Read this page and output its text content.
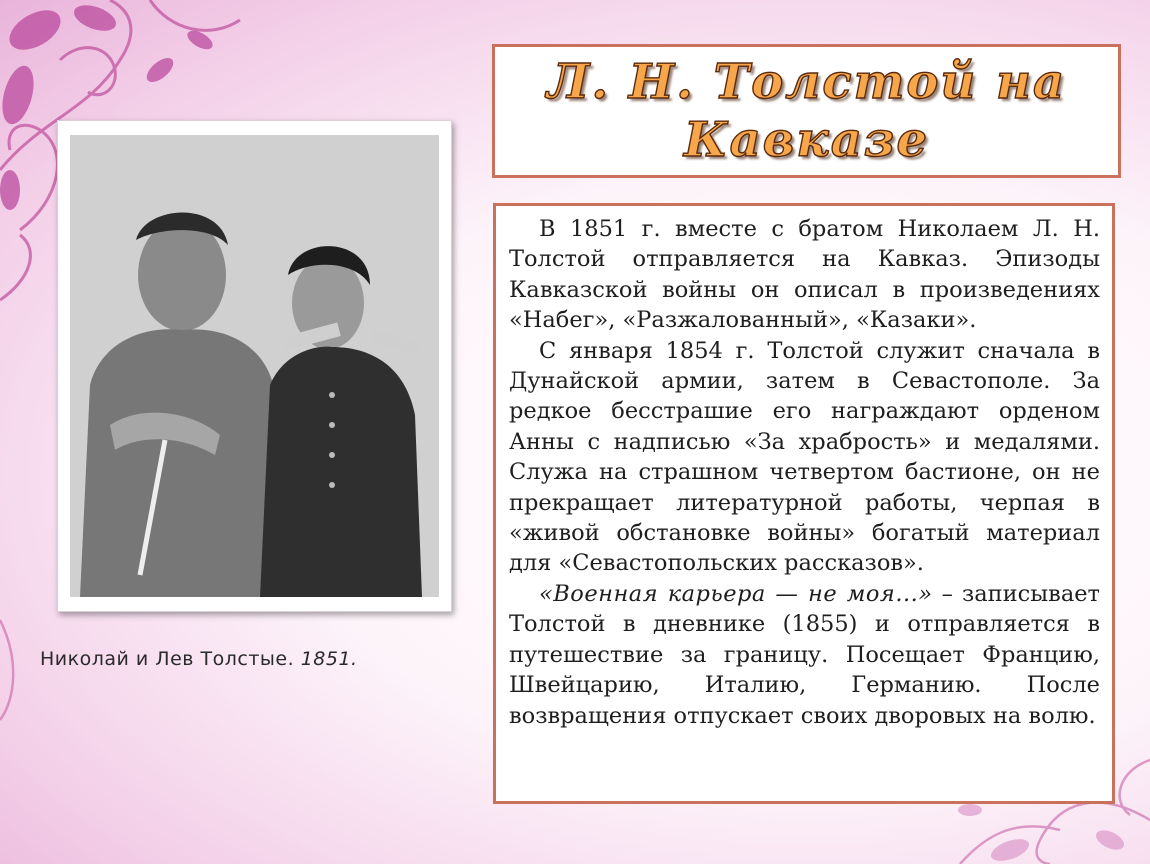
Николай и Лев Толстые. 1851.
Л. Н. Толстой на Кавказе

В 1851 г. вместе с братом Николаем Л. Н. Толстой отправляется на Кавказ. Эпизоды Кавказской войны он описал в произведениях «Набег», «Разжалованный», «Казаки».

С января 1854 г. Толстой служит сначала в Дунайской армии, затем в Севастополе. За редкое бесстрашие его награждают орденом Анны с надписью «За храбрость» и медалями. Служа на страшном четвертом бастионе, он не прекращает литературной работы, черпая в «живой обстановке войны» богатый материал для «Севастопольских рассказов».

«Военная карьера — не моя...» – записывает Толстой в дневнике (1855) и отправляется в путешествие за границу. Посещает Францию, Швейцарию, Италию, Германию. После возвращения отпускает своих дворовых на волю.
